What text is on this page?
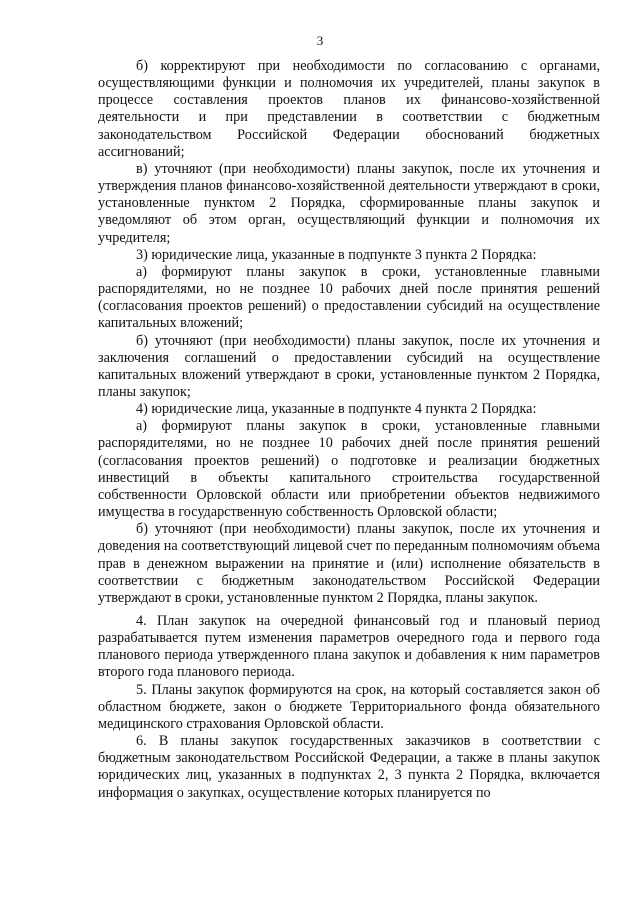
3

б) корректируют при необходимости по согласованию с органами, осуществляющими функции и полномочия их учредителей, планы закупок в процессе составления проектов планов их финансово-хозяйственной деятельности и при представлении в соответствии с бюджетным законодательством Российской Федерации обоснований бюджетных ассигнований;

в) уточняют (при необходимости) планы закупок, после их уточнения и утверждения планов финансово-хозяйственной деятельности утверждают в сроки, установленные пунктом 2 Порядка, сформированные планы закупок и уведомляют об этом орган, осуществляющий функции и полномочия их учредителя;

3) юридические лица, указанные в подпункте 3 пункта 2 Порядка:

а) формируют планы закупок в сроки, установленные главными распорядителями, но не позднее 10 рабочих дней после принятия решений (согласования проектов решений) о предоставлении субсидий на осуществление капитальных вложений;

б) уточняют (при необходимости) планы закупок, после их уточнения и заключения соглашений о предоставлении субсидий на осуществление капитальных вложений утверждают в сроки, установленные пунктом 2 Порядка, планы закупок;

4) юридические лица, указанные в подпункте 4 пункта 2 Порядка:

а) формируют планы закупок в сроки, установленные главными распорядителями, но не позднее 10 рабочих дней после принятия решений (согласования проектов решений) о подготовке и реализации бюджетных инвестиций в объекты капитального строительства государственной собственности Орловской области или приобретении объектов недвижимого имущества в государственную собственность Орловской области;

б) уточняют (при необходимости) планы закупок, после их уточнения и доведения на соответствующий лицевой счет по переданным полномочиям объема прав в денежном выражении на принятие и (или) исполнение обязательств в соответствии с бюджетным законодательством Российской Федерации утверждают в сроки, установленные пунктом 2 Порядка, планы закупок.

4. План закупок на очередной финансовый год и плановый период разрабатывается путем изменения параметров очередного года и первого года планового периода утвержденного плана закупок и добавления к ним параметров второго года планового периода.

5. Планы закупок формируются на срок, на который составляется закон об областном бюджете, закон о бюджете Территориального фонда обязательного медицинского страхования Орловской области.

6. В планы закупок государственных заказчиков в соответствии с бюджетным законодательством Российской Федерации, а также в планы закупок юридических лиц, указанных в подпунктах 2, 3 пункта 2 Порядка, включается информация о закупках, осуществление которых планируется по
